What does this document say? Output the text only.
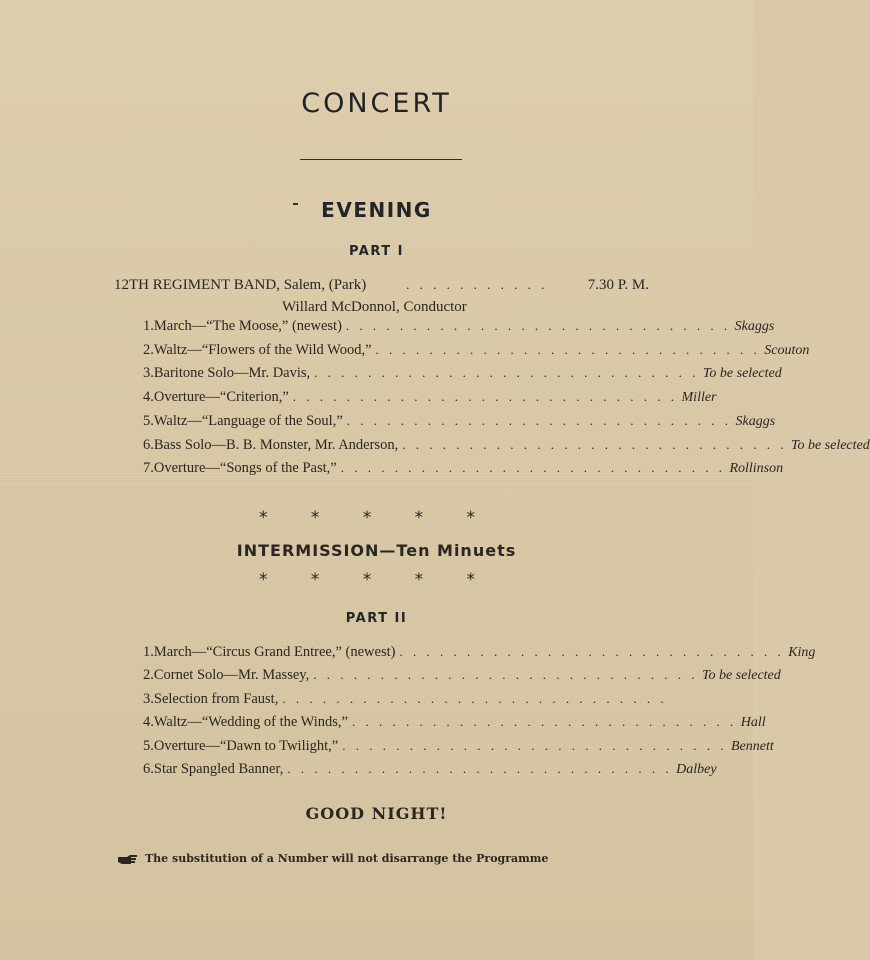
CONCERT
EVENING
PART I
12TH REGIMENT BAND, Salem, (Park)	. . . . . . . . . . .	7.30 P. M.
Willard McDonnol, Conductor
1. March—“The Moose,” (newest) . . . . . . . . . . . . . . . . . . . . . . . . . . . . . Skaggs
2. Waltz—“Flowers of the Wild Wood,” . . . . . . . . . . . . . . . . . . . . . . . . . . . . . Scouton
3. Baritone Solo—Mr. Davis, . . . . . . . . . . . . . . . . . . . . . . . . . . . . . To be selected
4. Overture—“Criterion,” . . . . . . . . . . . . . . . . . . . . . . . . . . . . . Miller
5. Waltz—“Language of the Soul,” . . . . . . . . . . . . . . . . . . . . . . . . . . . . . Skaggs
6. Bass Solo—B. B. Monster, Mr. Anderson, . . . . . . . . . . . . . . . . . . . . . . . . . . . . . To be selected
7. Overture—“Songs of the Past,” . . . . . . . . . . . . . . . . . . . . . . . . . . . . . Rollinson
* * * * *
INTERMISSION—Ten Minuets
* * * * *
PART II
1. March—“Circus Grand Entree,” (newest) . . . . . . . . . . . . . . . . . . . . . . . . . . . . . King
2. Cornet Solo—Mr. Massey, . . . . . . . . . . . . . . . . . . . . . . . . . . . . . To be selected
3. Selection from Faust, . . . . . . . . . . . . . . . . . . . . . . . . . . . . .
4. Waltz—“Wedding of the Winds,” . . . . . . . . . . . . . . . . . . . . . . . . . . . . . Hall
5. Overture—“Dawn to Twilight,” . . . . . . . . . . . . . . . . . . . . . . . . . . . . . Bennett
6. Star Spangled Banner, . . . . . . . . . . . . . . . . . . . . . . . . . . . . . Dalbey
GOOD NIGHT!
The substitution of a Number will not disarrange the Programme
